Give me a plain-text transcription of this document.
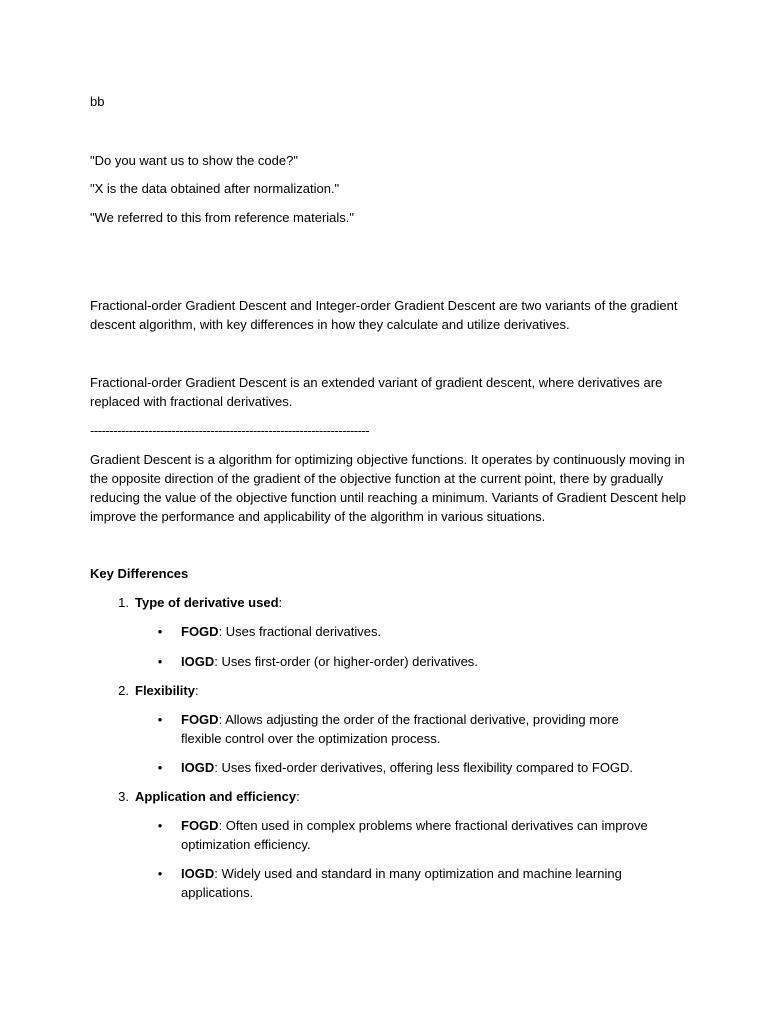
bb

"Do you want us to show the code?"

"X is the data obtained after normalization."

"We referred to this from reference materials."

Fractional-order Gradient Descent and Integer-order Gradient Descent are two variants of the gradient descent algorithm, with key differences in how they calculate and utilize derivatives.

Fractional-order Gradient Descent is an extended variant of gradient descent, where derivatives are replaced with fractional derivatives.

------------------------------------------------------------------------

Gradient Descent is a algorithm for optimizing objective functions. It operates by continuously moving in the opposite direction of the gradient of the objective function at the current point, there by gradually reducing the value of the objective function until reaching a minimum. Variants of Gradient Descent help improve the performance and applicability of the algorithm in various situations.

Key Differences

1. Type of derivative used:
• FOGD: Uses fractional derivatives.
• IOGD: Uses first-order (or higher-order) derivatives.
2. Flexibility:
• FOGD: Allows adjusting the order of the fractional derivative, providing more flexible control over the optimization process.
• IOGD: Uses fixed-order derivatives, offering less flexibility compared to FOGD.
3. Application and efficiency:
• FOGD: Often used in complex problems where fractional derivatives can improve optimization efficiency.
• IOGD: Widely used and standard in many optimization and machine learning applications.
